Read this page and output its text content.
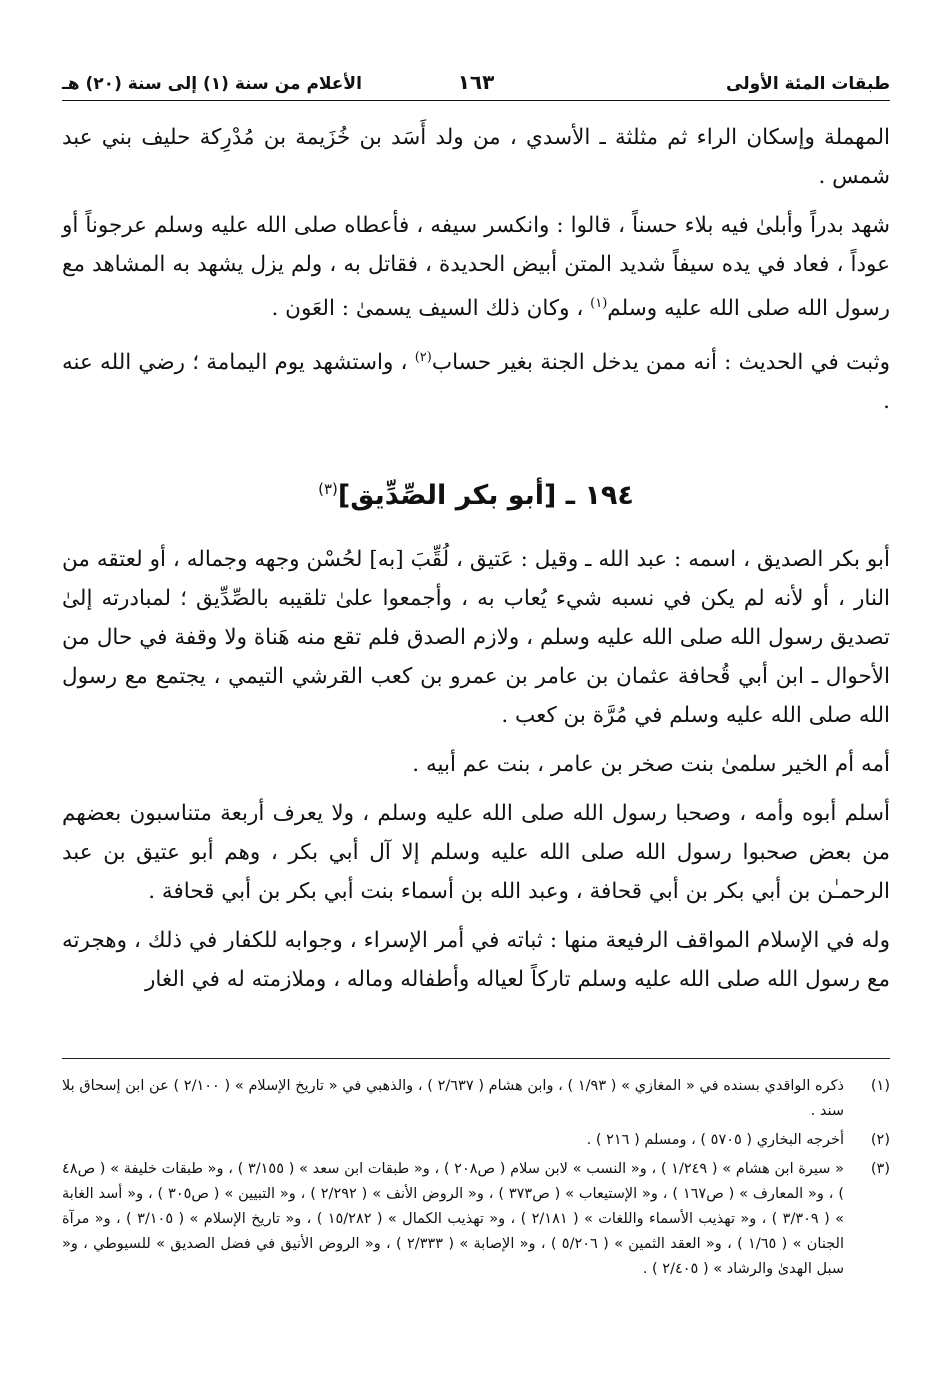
طبقات المئة الأولى
١٦٣
الأعلام من سنة (١) إلى سنة (٢٠) هـ

المهملة وإسكان الراء ثم مثلثة ـ الأسدي ، من ولد أَسَد بن خُزَيمة بن مُدْرِكة حليف بني عبد شمس .

شهد بدراً وأبلىٰ فيه بلاء حسناً ، قالوا : وانكسر سيفه ، فأعطاه صلى الله عليه وسلم عرجوناً أو عوداً ، فعاد في يده سيفاً شديد المتن أبيض الحديدة ، فقاتل به ، ولم يزل يشهد به المشاهد مع رسول الله صلى الله عليه وسلم$^{(١)}$ ، وكان ذلك السيف يسمىٰ : العَون .

وثبت في الحديث : أنه ممن يدخل الجنة بغير حساب$^{(٢)}$ ، واستشهد يوم اليمامة ؛ رضي الله عنه .

١٩٤ ـ [أبو بكر الصِّدِّيق]$^{(٣)}$

أبو بكر الصديق ، اسمه : عبد الله ـ وقيل : عَتيق ، لُقِّبَ [به] لحُسْن وجهه وجماله ، أو لعتقه من النار ، أو لأنه لم يكن في نسبه شيء يُعاب به ، وأجمعوا علىٰ تلقيبه بالصِّدِّيق ؛ لمبادرته إلىٰ تصديق رسول الله صلى الله عليه وسلم ، ولازم الصدق فلم تقع منه هَناة ولا وقفة في حال من الأحوال ـ ابن أبي قُحافة عثمان بن عامر بن عمرو بن كعب القرشي التيمي ، يجتمع مع رسول الله صلى الله عليه وسلم في مُرَّة بن كعب .

أمه أم الخير سلمىٰ بنت صخر بن عامر ، بنت عم أبيه .

أسلم أبوه وأمه ، وصحبا رسول الله صلى الله عليه وسلم ، ولا يعرف أربعة متناسبون بعضهم من بعض صحبوا رسول الله صلى الله عليه وسلم إلا آل أبي بكر ، وهم أبو عتيق بن عبد الرحمـٰن بن أبي بكر بن أبي قحافة ، وعبد الله بن أسماء بنت أبي بكر بن أبي قحافة .

وله في الإسلام المواقف الرفيعة منها : ثباته في أمر الإسراء ، وجوابه للكفار في ذلك ، وهجرته مع رسول الله صلى الله عليه وسلم تاركاً لعياله وأطفاله وماله ، وملازمته له في الغار

(١)
ذكره الواقدي بسنده في « المغازي » ( ١/٩٣ ) ، وابن هشام ( ٢/٦٣٧ ) ، والذهبي في « تاريخ الإسلام » ( ٢/١٠٠ ) عن ابن إسحاق بلا سند .
(٢)
أخرجه البخاري ( ٥٧٠٥ ) ، ومسلم ( ٢١٦ ) .
(٣)
« سيرة ابن هشام » ( ١/٢٤٩ ) ، و« النسب » لابن سلام ( ص٢٠٨ ) ، و« طبقات ابن سعد » ( ٣/١٥٥ ) ، و« طبقات خليفة » ( ص٤٨ ) ، و« المعارف » ( ص١٦٧ ) ، و« الإستيعاب » ( ص٣٧٣ ) ، و« الروض الأنف » ( ٢/٢٩٢ ) ، و« التبيين » ( ص٣٠٥ ) ، و« أسد الغابة » ( ٣/٣٠٩ ) ، و« تهذيب الأسماء واللغات » ( ٢/١٨١ ) ، و« تهذيب الكمال » ( ١٥/٢٨٢ ) ، و« تاريخ الإسلام » ( ٣/١٠٥ ) ، و« مرآة الجنان » ( ١/٦٥ ) ، و« العقد الثمين » ( ٥/٢٠٦ ) ، و« الإصابة » ( ٢/٣٣٣ ) ، و« الروض الأنيق في فضل الصديق » للسيوطي ، و« سبل الهدىٰ والرشاد » ( ٢/٤٠٥ ) .
